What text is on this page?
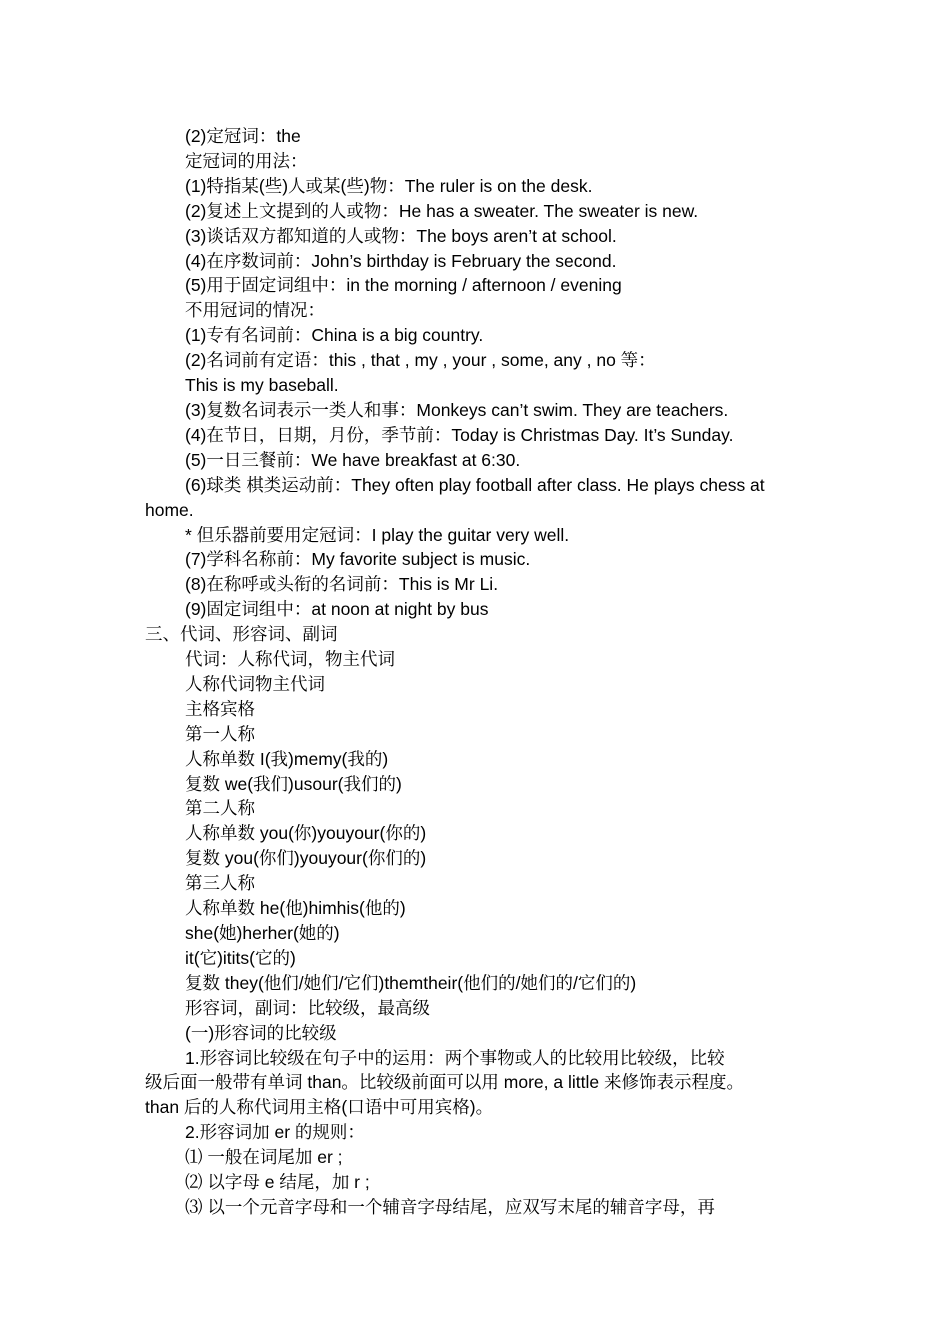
(2)定冠词：the
定冠词的用法：
(1)特指某(些)人或某(些)物：The ruler is on the desk.
(2)复述上文提到的人或物：He has a sweater. The sweater is new.
(3)谈话双方都知道的人或物：The boys aren’t at school.
(4)在序数词前：John’s birthday is February the second.
(5)用于固定词组中：in the morning / afternoon / evening
不用冠词的情况：
(1)专有名词前：China is a big country.
(2)名词前有定语：this , that , my , your , some, any , no 等：
This is my baseball.
(3)复数名词表示一类人和事：Monkeys can’t swim. They are teachers.
(4)在节日，日期，月份，季节前：Today is Christmas Day. It’s Sunday.
(5)一日三餐前：We have breakfast at 6:30.
(6)球类 棋类运动前：They often play football after class. He plays chess at
home.
* 但乐器前要用定冠词：I play the guitar very well.
(7)学科名称前：My favorite subject is music.
(8)在称呼或头衔的名词前：This is Mr Li.
(9)固定词组中：at noon at night by bus
三、代词、形容词、副词
代词：人称代词，物主代词
人称代词物主代词
主格宾格
第一人称
人称单数 I(我)memy(我的)
复数 we(我们)usour(我们的)
第二人称
人称单数 you(你)youyour(你的)
复数 you(你们)youyour(你们的)
第三人称
人称单数 he(他)himhis(他的)
she(她)herher(她的)
it(它)itits(它的)
复数 they(他们/她们/它们)themtheir(他们的/她们的/它们的)
形容词，副词：比较级，最高级
(一)形容词的比较级
1.形容词比较级在句子中的运用：两个事物或人的比较用比较级，比较
级后面一般带有单词 than。比较级前面可以用 more, a little 来修饰表示程度。
than 后的人称代词用主格(口语中可用宾格)。
2.形容词加 er 的规则：
⑴ 一般在词尾加 er ;
⑵ 以字母 e 结尾，加 r ;
⑶ 以一个元音字母和一个辅音字母结尾，应双写末尾的辅音字母，再
